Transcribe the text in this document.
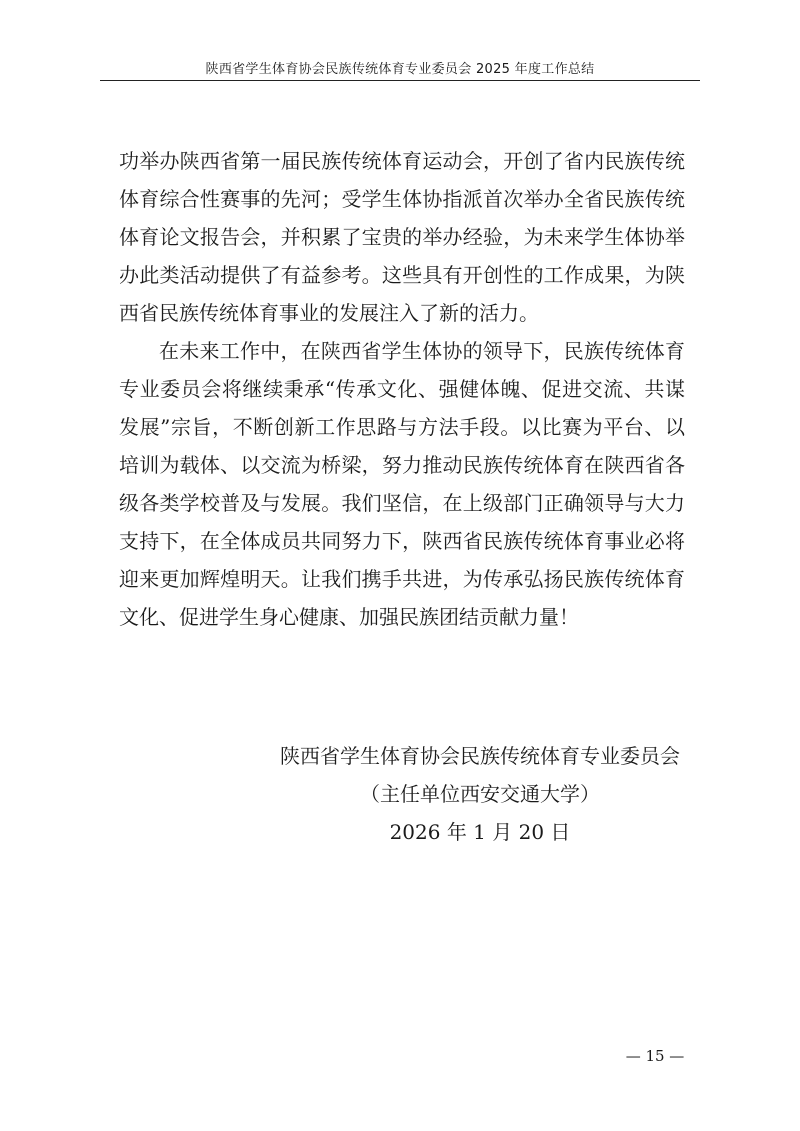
陕西省学生体育协会民族传统体育专业委员会 2025 年度工作总结

功举办陕西省第一届民族传统体育运动会，开创了省内民族传统体育综合性赛事的先河；受学生体协指派首次举办全省民族传统体育论文报告会，并积累了宝贵的举办经验，为未来学生体协举办此类活动提供了有益参考。这些具有开创性的工作成果，为陕西省民族传统体育事业的发展注入了新的活力。

在未来工作中，在陕西省学生体协的领导下，民族传统体育专业委员会将继续秉承“传承文化、强健体魄、促进交流、共谋发展”宗旨，不断创新工作思路与方法手段。以比赛为平台、以培训为载体、以交流为桥梁，努力推动民族传统体育在陕西省各级各类学校普及与发展。我们坚信，在上级部门正确领导与大力支持下，在全体成员共同努力下，陕西省民族传统体育事业必将迎来更加辉煌明天。让我们携手共进，为传承弘扬民族传统体育文化、促进学生身心健康、加强民族团结贡献力量！

陕西省学生体育协会民族传统体育专业委员会
（主任单位西安交通大学）
2026 年 1 月 20 日
— 15 —
